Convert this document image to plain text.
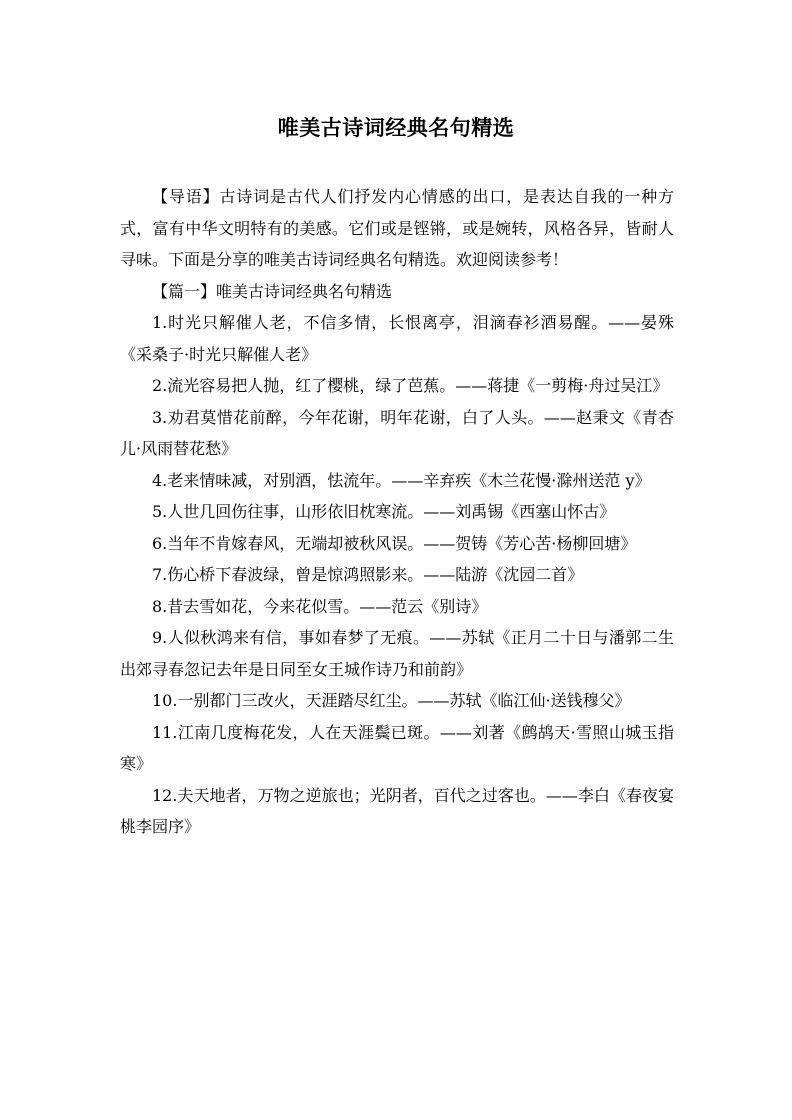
唯美古诗词经典名句精选

【导语】古诗词是古代人们抒发内心情感的出口，是表达自我的一种方式，富有中华文明特有的美感。它们或是铿锵，或是婉转，风格各异，皆耐人寻味。下面是分享的唯美古诗词经典名句精选。欢迎阅读参考！

【篇一】唯美古诗词经典名句精选

1.时光只解催人老，不信多情，长恨离亭，泪滴春衫酒易醒。——晏殊《采桑子·时光只解催人老》

2.流光容易把人抛，红了樱桃，绿了芭蕉。——蒋捷《一剪梅·舟过吴江》

3.劝君莫惜花前醉，今年花谢，明年花谢，白了人头。——赵秉文《青杏儿·风雨替花愁》

4.老来情味减，对别酒，怯流年。——辛弃疾《木兰花慢·滁州送范 y》

5.人世几回伤往事，山形依旧枕寒流。——刘禹锡《西塞山怀古》

6.当年不肯嫁春风，无端却被秋风误。——贺铸《芳心苦·杨柳回塘》

7.伤心桥下春波绿，曾是惊鸿照影来。——陆游《沈园二首》

8.昔去雪如花，今来花似雪。——范云《别诗》

9.人似秋鸿来有信，事如春梦了无痕。——苏轼《正月二十日与潘郭二生出郊寻春忽记去年是日同至女王城作诗乃和前韵》

10.一别都门三改火，天涯踏尽红尘。——苏轼《临江仙·送钱穆父》

11.江南几度梅花发，人在天涯鬓已斑。——刘著《鹧鸪天·雪照山城玉指寒》

12.夫天地者，万物之逆旅也；光阴者，百代之过客也。——李白《春夜宴桃李园序》
